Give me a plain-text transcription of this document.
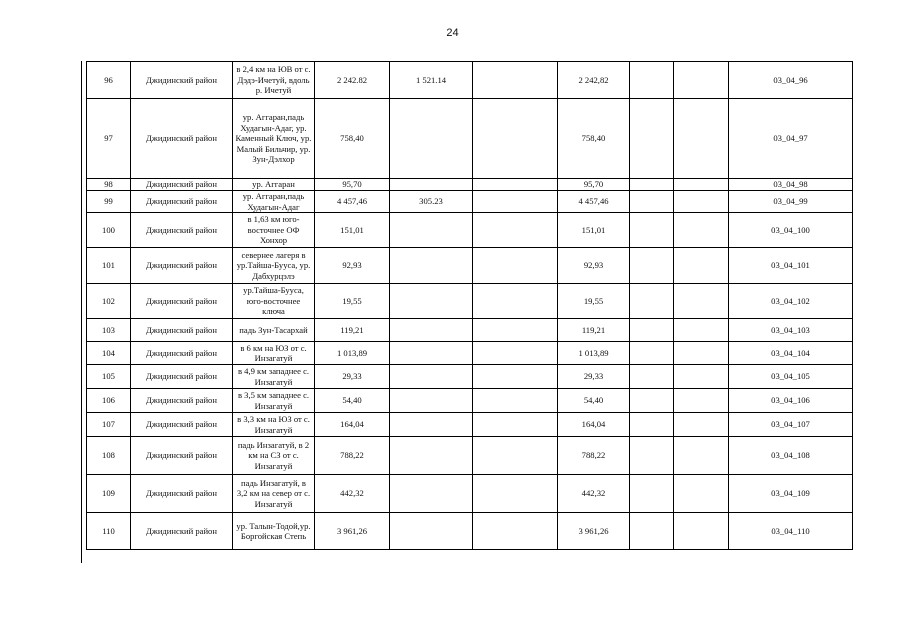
24
96	Джидинский район	в 2,4 км на ЮВ от с. Дэдэ-Ичетуй, вдоль р. Ичетуй	2 242.82	1 521.14		2 242,82			03_04_96
97	Джидинский район	ур. Аггаран,падь Худагын-Адаг, ур. Каменный Ключ, ур. Малый Бильчир, ур. Зун-Дэлхор	758,40			758,40			03_04_97
98	Джидинский район	ур. Аггаран	95,70			95,70			03_04_98
99	Джидинский район	ур. Аггаран,падь Худагын-Адаг	4 457,46	305.23		4 457,46			03_04_99
100	Джидинский район	в 1,63 км юго-восточнее ОФ Хонхор	151,01			151,01			03_04_100
101	Джидинский район	севернее лагеря в ур.Тайша-Бууса, ур. Дабхурцэлэ	92,93			92,93			03_04_101
102	Джидинский район	ур.Тайша-Бууса, юго-восточнее ключа	19,55			19,55			03_04_102
103	Джидинский район	падь Зун-Тасархай	119,21			119,21			03_04_103
104	Джидинский район	в 6 км на ЮЗ от с. Инзагатуй	1 013,89			1 013,89			03_04_104
105	Джидинский район	в 4,9 км западнее с. Инзагатуй	29,33			29,33			03_04_105
106	Джидинский район	в 3,5 км западнее с. Инзагатуй	54,40			54,40			03_04_106
107	Джидинский район	в 3,3 км на ЮЗ от с. Инзагатуй	164,04			164,04			03_04_107
108	Джидинский район	падь Инзагатуй, в 2 км на СЗ от с. Инзагатуй	788,22			788,22			03_04_108
109	Джидинский район	падь Инзагатуй, в 3,2 км на север от с. Инзагатуй	442,32			442,32			03_04_109
110	Джидинский район	ур. Талын-Тодой,ур. Боргойская Степь	3 961,26			3 961,26			03_04_110
